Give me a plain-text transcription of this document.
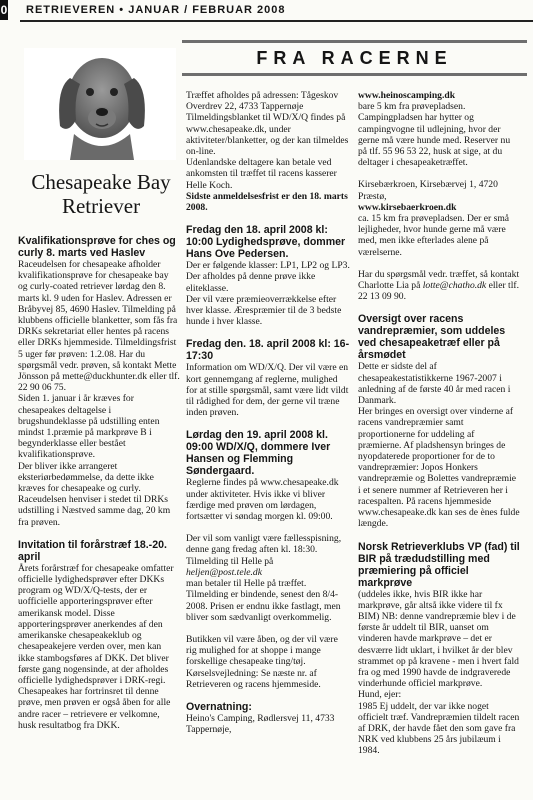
0 RETRIEVEREN • JANUAR / FEBRUAR 2008
FRA RACERNE
Chesapeake Bay
Retriever

Kvalifikationsprøve for ches og curly 8. marts ved Haslev

Raceudelsen for chesapeake afholder kvalifikationsprøve for chesapeake bay og curly-coated retriever lørdag den 8. marts kl. 9 uden for Haslev. Adressen er Bråbyvej 85, 4690 Haslev. Tilmelding på klubbens officielle blanketter, som fås fra DRKs sekretariat eller hentes på racens eller DRKs hjemmeside. Tilmeldingsfrist 5 uger før prøven: 1.2.08. Har du spørgsmål vedr. prøven, så kontakt Mette Jönsson på mette@duckhunter.dk eller tlf. 22 90 06 75.

Siden 1. januar i år kræves for chesapeakes deltagelse i brugshundeklasse på udstilling enten mindst 1.præmie på markprøve B i begynderklasse eller bestået kvalifikationsprøve.

Der bliver ikke arrangeret eksteriørbedømmelse, da dette ikke kræves for chesapeake og curly. Raceudelsen henviser i stedet til DRKs udstilling i Næstved samme dag, 20 km fra prøven.

Invitation til forårstræf 18.-20. april

Årets forårstræf for chesapeake omfatter officielle lydighedsprøver efter DKKs program og WD/X/Q-tests, der er uofficielle apporteringsprøver efter amerikansk model. Disse apporteringsprøver anerkendes af den amerikanske chesapeakeklub og chesapeakejere verden over, men kan ikke stambogsføres af DKK. Det bliver første gang nogensinde, at der afholdes officielle lydighedsprøver i DRK-regi. Chesapeakes har fortrinsret til denne prøve, men prøven er også åben for alle andre racer – retrievere er velkomne, husk resultatbog fra DKK.

Træffet afholdes på adressen: Tågeskov Overdrev 22, 4733 Tappernøje Tilmeldingsblanket til WD/X/Q findes på www.chesapeake.dk, under aktiviteter/blanketter, og der kan tilmeldes on-line.

Udenlandske deltagere kan betale ved ankomsten til træffet til racens kasserer Helle Koch.

Sidste anmeldelsesfrist er den 18. marts 2008.

Fredag den 18. april 2008 kl: 10:00 Lydighedsprøve, dommer Hans Ove Pedersen.

Der er følgende klasser: LP1, LP2 og LP3. Der afholdes på denne prøve ikke eliteklasse.

Der vil være præmieoverrækkelse efter hver klasse. Ærespræmier til de 3 bedste hunde i hver klasse.

Fredag den. 18. april 2008 kl: 16-17:30

Information om WD/X/Q. Der vil være en kort gennemgang af reglerne, mulighed for at stille spørgsmål, samt være lidt vildt til rådighed for dem, der gerne vil træne inden prøven.

Lørdag den 19. april 2008 kl. 09:00 WD/X/Q, dommere Iver Hansen og Flemming Søndergaard.

Reglerne findes på www.chesapeake.dk under aktiviteter. Hvis ikke vi bliver færdige med prøven om lørdagen, fortsætter vi søndag morgen kl. 09:00.

Der vil som vanligt være fællesspisning, denne gang fredag aften kl. 18:30.

Tilmelding til Helle på
heljen@post.tele.dk
man betaler til Helle på træffet. Tilmelding er bindende, senest den 8/4-2008. Prisen er endnu ikke fastlagt, men bliver som sædvanligt overkommelig.

Butikken vil være åben, og der vil være rig mulighed for at shoppe i mange forskellige chesapeake ting/tøj. Kørselsvejledning: Se næste nr. af Retrieveren og racens hjemmeside.

Overnatning:

Heino's Camping, Rødlersvej 11, 4733 Tappernøje,

www.heinoscamping.dk

bare 5 km fra prøvepladsen. Campingpladsen har hytter og campingvogne til udlejning, hvor der gerne må være hunde med. Reserver nu på tlf. 55 96 53 22, husk at sige, at du deltager i chesapeaketræffet.

Kirsebærkroen, Kirsebærvej 1, 4720 Præstø,

www.kirsebaerkroen.dk

ca. 15 km fra prøvepladsen. Der er små lejligheder, hvor hunde gerne må være med, men ikke efterlades alene på værelserne.

Har du spørgsmål vedr. træffet, så kontakt Charlotte Lia på lotte@chatho.dk eller tlf. 22 13 09 90.

Oversigt over racens vandrepræmier, som uddeles ved chesapeaketræf eller på årsmødet

Dette er sidste del af chesapeakestatistikkerne 1967-2007 i anledning af de første 40 år med racen i Danmark.

Her bringes en oversigt over vinderne af racens vandrepræmier samt proportionerne for uddeling af præmierne. Af pladshensyn bringes de nyopdaterede proportioner for de to vandrepræmier: Jopos Honkers vandrepræmie og Bolettes vandrepræmie i et senere nummer af Retrieveren her i racespalten. På racens hjemmeside www.chesapeake.dk kan ses de ènes fulde længde.

Norsk Retrieverklubs VP (fad) til BIR på trædudstilling med præmiering på officiel markprøve

(uddeles ikke, hvis BIR ikke har markprøve, går altså ikke videre til fx BIM) NB: denne vandrepræmie blev i de første år uddelt til BIR, uanset om vinderen havde markprøve – det er desværre lidt uklart, i hvilket år der blev strammet op på kravene - men i hvert fald fra og med 1990 havde de indgraverede vinderhunde officiel markprøve.

Hund, ejer:

1985 Ej uddelt, der var ikke noget officielt træf. Vandrepræmien tildelt racen af DRK, der havde fået den som gave fra NRK ved klubbens 25 års jubilæum i 1984.
